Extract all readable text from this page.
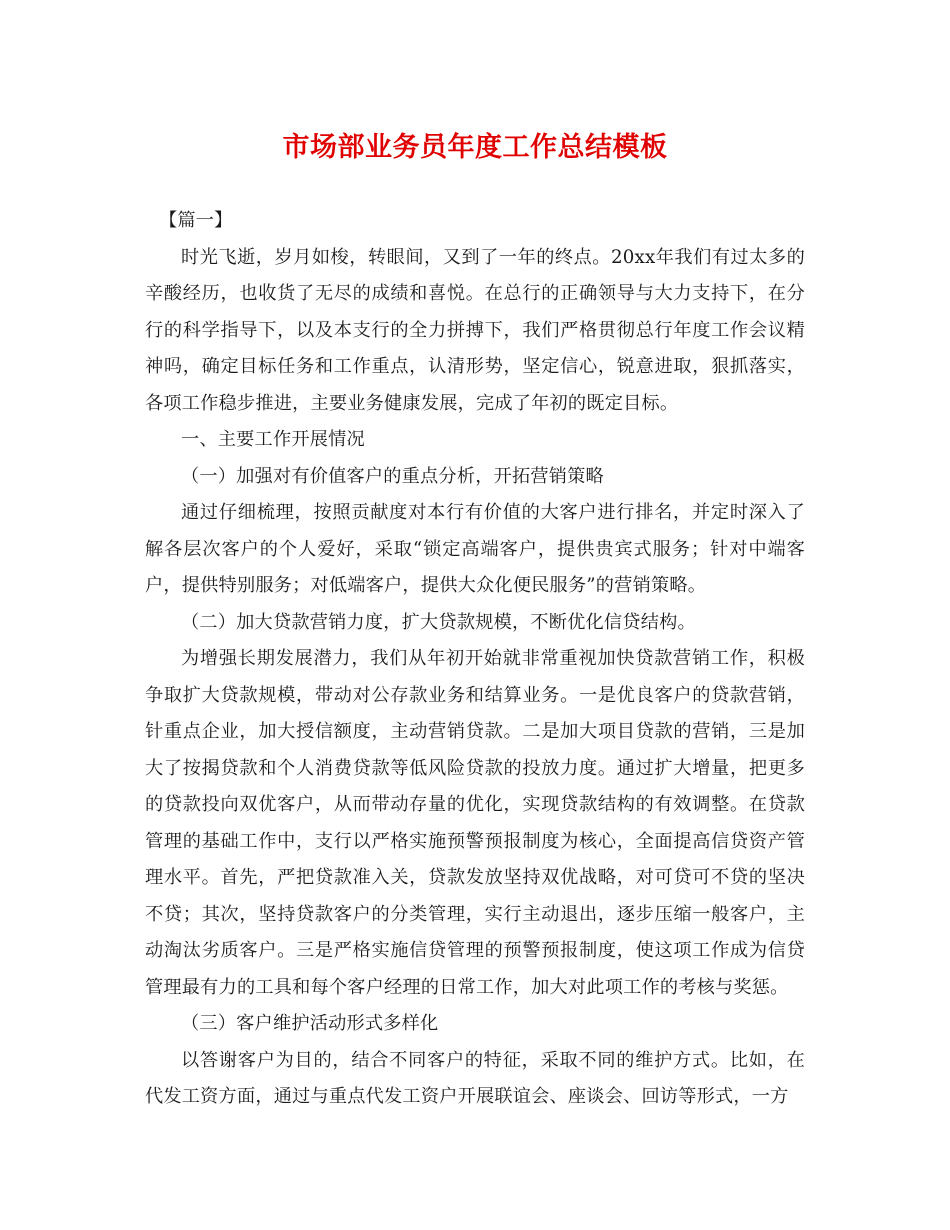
市场部业务员年度工作总结模板

【篇一】

时光飞逝，岁月如梭，转眼间，又到了一年的终点。20xx年我们有过太多的辛酸经历，也收货了无尽的成绩和喜悦。在总行的正确领导与大力支持下，在分行的科学指导下，以及本支行的全力拼搏下，我们严格贯彻总行年度工作会议精神吗，确定目标任务和工作重点，认清形势，坚定信心，锐意进取，狠抓落实，各项工作稳步推进，主要业务健康发展，完成了年初的既定目标。

一、主要工作开展情况

（一）加强对有价值客户的重点分析，开拓营销策略

通过仔细梳理，按照贡献度对本行有价值的大客户进行排名，并定时深入了解各层次客户的个人爱好，采取“锁定高端客户，提供贵宾式服务；针对中端客户，提供特别服务；对低端客户，提供大众化便民服务”的营销策略。

（二）加大贷款营销力度，扩大贷款规模，不断优化信贷结构。

为增强长期发展潜力，我们从年初开始就非常重视加快贷款营销工作，积极争取扩大贷款规模，带动对公存款业务和结算业务。一是优良客户的贷款营销，针重点企业，加大授信额度，主动营销贷款。二是加大项目贷款的营销，三是加大了按揭贷款和个人消费贷款等低风险贷款的投放力度。通过扩大增量，把更多的贷款投向双优客户，从而带动存量的优化，实现贷款结构的有效调整。在贷款管理的基础工作中，支行以严格实施预警预报制度为核心，全面提高信贷资产管理水平。首先，严把贷款准入关，贷款发放坚持双优战略，对可贷可不贷的坚决不贷；其次，坚持贷款客户的分类管理，实行主动退出，逐步压缩一般客户，主动淘汰劣质客户。三是严格实施信贷管理的预警预报制度，使这项工作成为信贷管理最有力的工具和每个客户经理的日常工作，加大对此项工作的考核与奖惩。

（三）客户维护活动形式多样化

以答谢客户为目的，结合不同客户的特征，采取不同的维护方式。比如，在代发工资方面，通过与重点代发工资户开展联谊会、座谈会、回访等形式，一方
